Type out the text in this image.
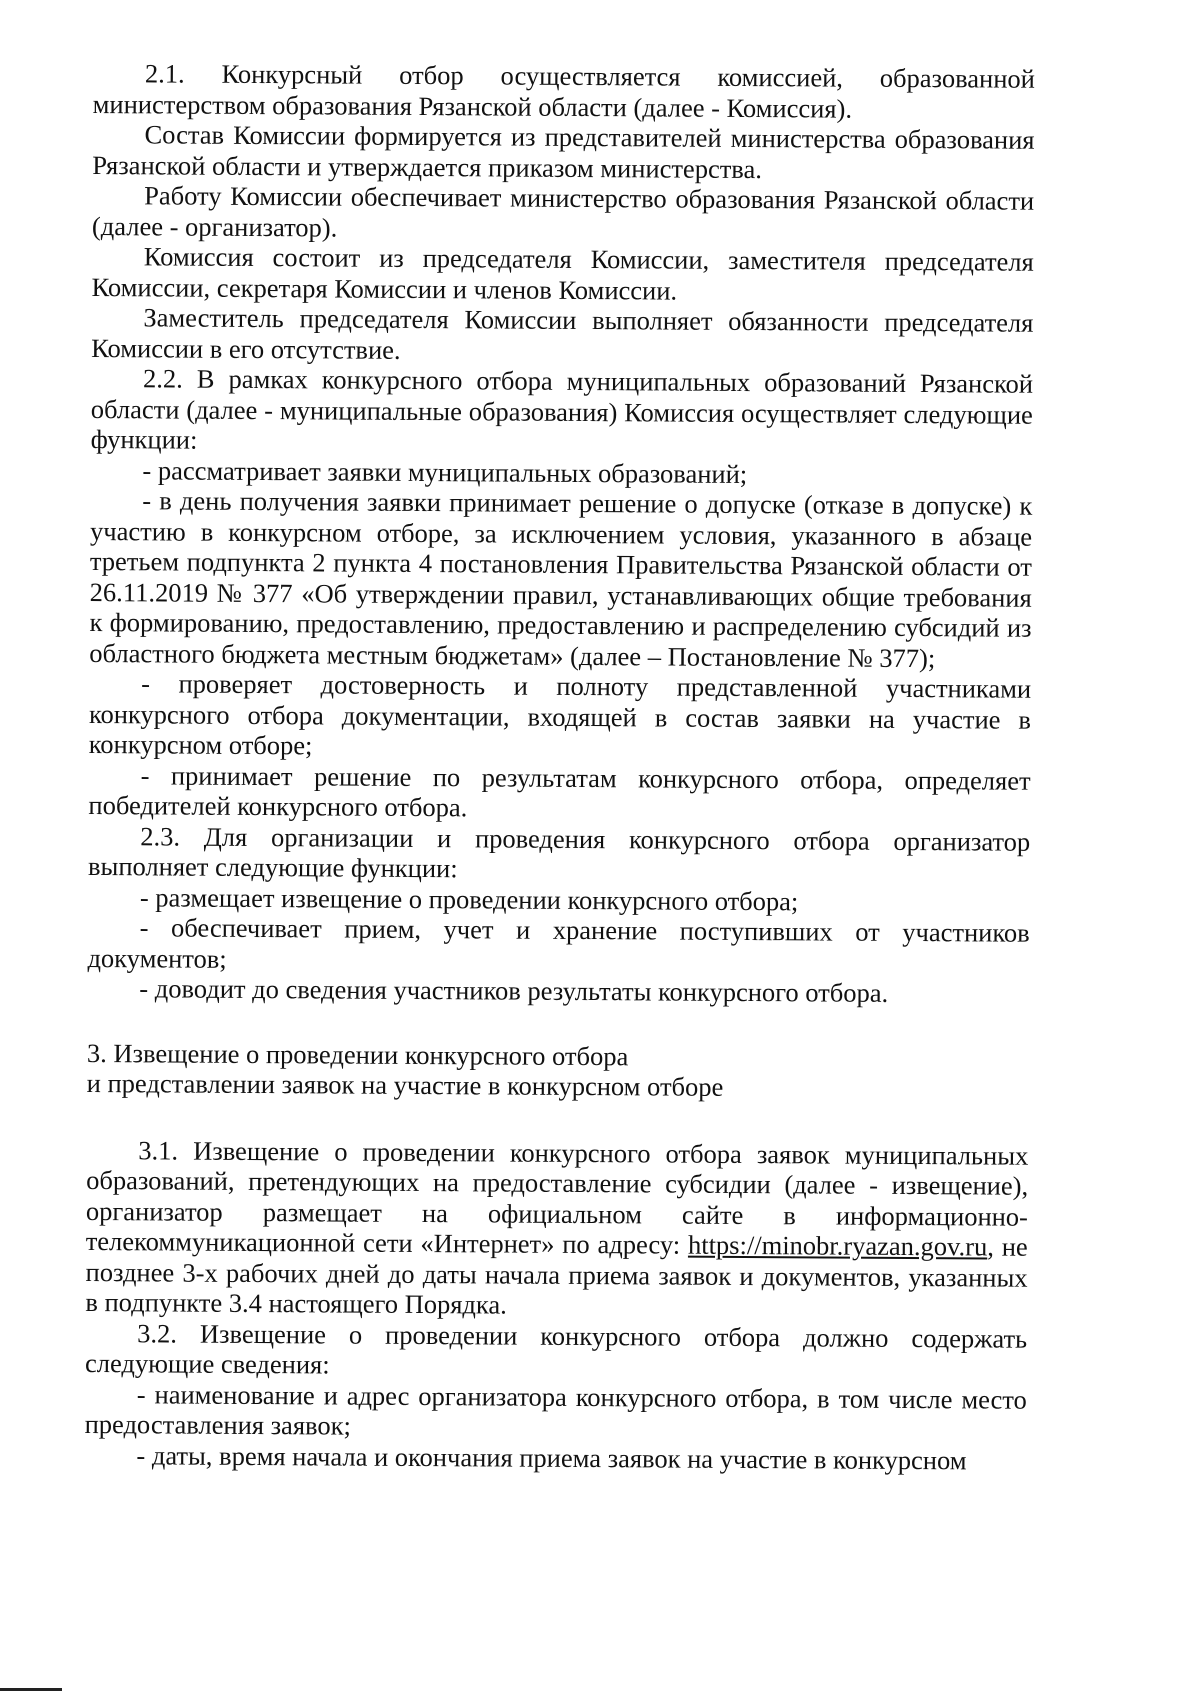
2.1. Конкурсный отбор осуществляется комиссией, образованной министерством образования Рязанской области (далее - Комиссия).

Состав Комиссии формируется из представителей министерства образования Рязанской области и утверждается приказом министерства.

Работу Комиссии обеспечивает министерство образования Рязанской области (далее - организатор).

Комиссия состоит из председателя Комиссии, заместителя председателя Комиссии, секретаря Комиссии и членов Комиссии.

Заместитель председателя Комиссии выполняет обязанности председателя Комиссии в его отсутствие.

2.2. В рамках конкурсного отбора муниципальных образований Рязанской области (далее - муниципальные образования) Комиссия осуществляет следующие функции:

- рассматривает заявки муниципальных образований;

- в день получения заявки принимает решение о допуске (отказе в допуске) к участию в конкурсном отборе, за исключением условия, указанного в абзаце третьем подпункта 2 пункта 4 постановления Правительства Рязанской области от 26.11.2019 № 377 «Об утверждении правил, устанавливающих общие требования к формированию, предоставлению, предоставлению и распределению субсидий из областного бюджета местным бюджетам» (далее – Постановление № 377);

- проверяет достоверность и полноту представленной участниками конкурсного отбора документации, входящей в состав заявки на участие в конкурсном отборе;

- принимает решение по результатам конкурсного отбора, определяет победителей конкурсного отбора.

2.3. Для организации и проведения конкурсного отбора организатор выполняет следующие функции:

- размещает извещение о проведении конкурсного отбора;

- обеспечивает прием, учет и хранение поступивших от участников документов;

- доводит до сведения участников результаты конкурсного отбора.

3. Извещение о проведении конкурсного отбора
и представлении заявок на участие в конкурсном отборе

3.1. Извещение о проведении конкурсного отбора заявок муниципальных образований, претендующих на предоставление субсидии (далее - извещение), организатор размещает на официальном сайте в информационно-телекоммуникационной сети «Интернет» по адресу: https://minobr.ryazan.gov.ru, не позднее 3-х рабочих дней до даты начала приема заявок и документов, указанных в подпункте 3.4 настоящего Порядка.

3.2. Извещение о проведении конкурсного отбора должно содержать следующие сведения:

- наименование и адрес организатора конкурсного отбора, в том числе место предоставления заявок;

- даты, время начала и окончания приема заявок на участие в конкурсном
